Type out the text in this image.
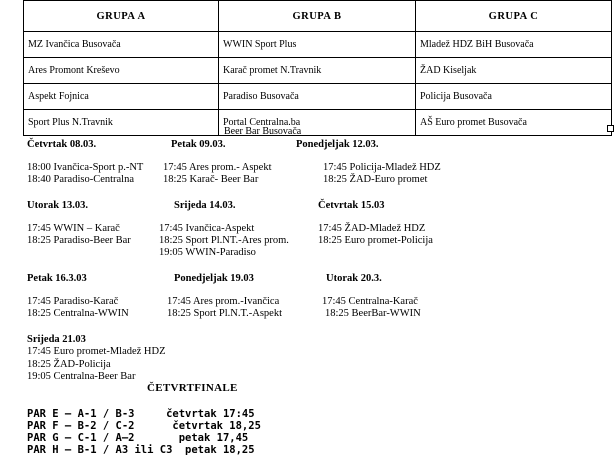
GRUPA A	GRUPA B	GRUPA C
MZ Ivančica Busovača	WWIN Sport Plus	Mladež HDZ BiH Busovača
Ares Promont Kreševo	Karač promet N.Travnik	ŽAD Kiseljak
Aspekt Fojnica	Paradiso Busovača	Policija Busovača
Sport Plus N.Travnik	Portal Centralna.ba	AŠ Euro promet Busovača
Beer Bar Busovača
Četvrtak 08.03.
18:00 Ivančica-Sport p.-NT
18:40 Paradiso-Centralna
Petak 09.03.
17:45 Ares prom.- Aspekt
18:25 Karač- Beer Bar
Ponedjeljak 12.03.
17:45 Policija-Mladež HDZ
18:25 ŽAD-Euro promet
Utorak 13.03.
17:45 WWIN – Karač
18:25 Paradiso-Beer Bar
Srijeda 14.03.
17:45 Ivančica-Aspekt
18:25 Sport Pl.NT.-Ares prom.
19:05 WWIN-Paradiso
Četvrtak 15.03
17:45 ŽAD-Mladež HDZ
18:25 Euro promet-Policija
Petak 16.3.03
17:45 Paradiso-Karač
18:25 Centralna-WWIN
Ponedjeljak 19.03
17:45 Ares prom.-Ivančica
18:25 Sport Pl.N.T.-Aspekt
Utorak 20.3.
17:45 Centralna-Karač
18:25 BeerBar-WWIN
Srijeda 21.03
17:45 Euro promet-Mladež HDZ
18:25 ŽAD-Policija
19:05 Centralna-Beer Bar
ČETVRTFINALE
PAR E – A-1 / B-3     četvrtak 17:45
PAR F – B-2 / C-2      četvrtak 18,25
PAR G – C-1 / A–2       petak 17,45
PAR H – B-1 / A3 ili C3  petak 18,25
